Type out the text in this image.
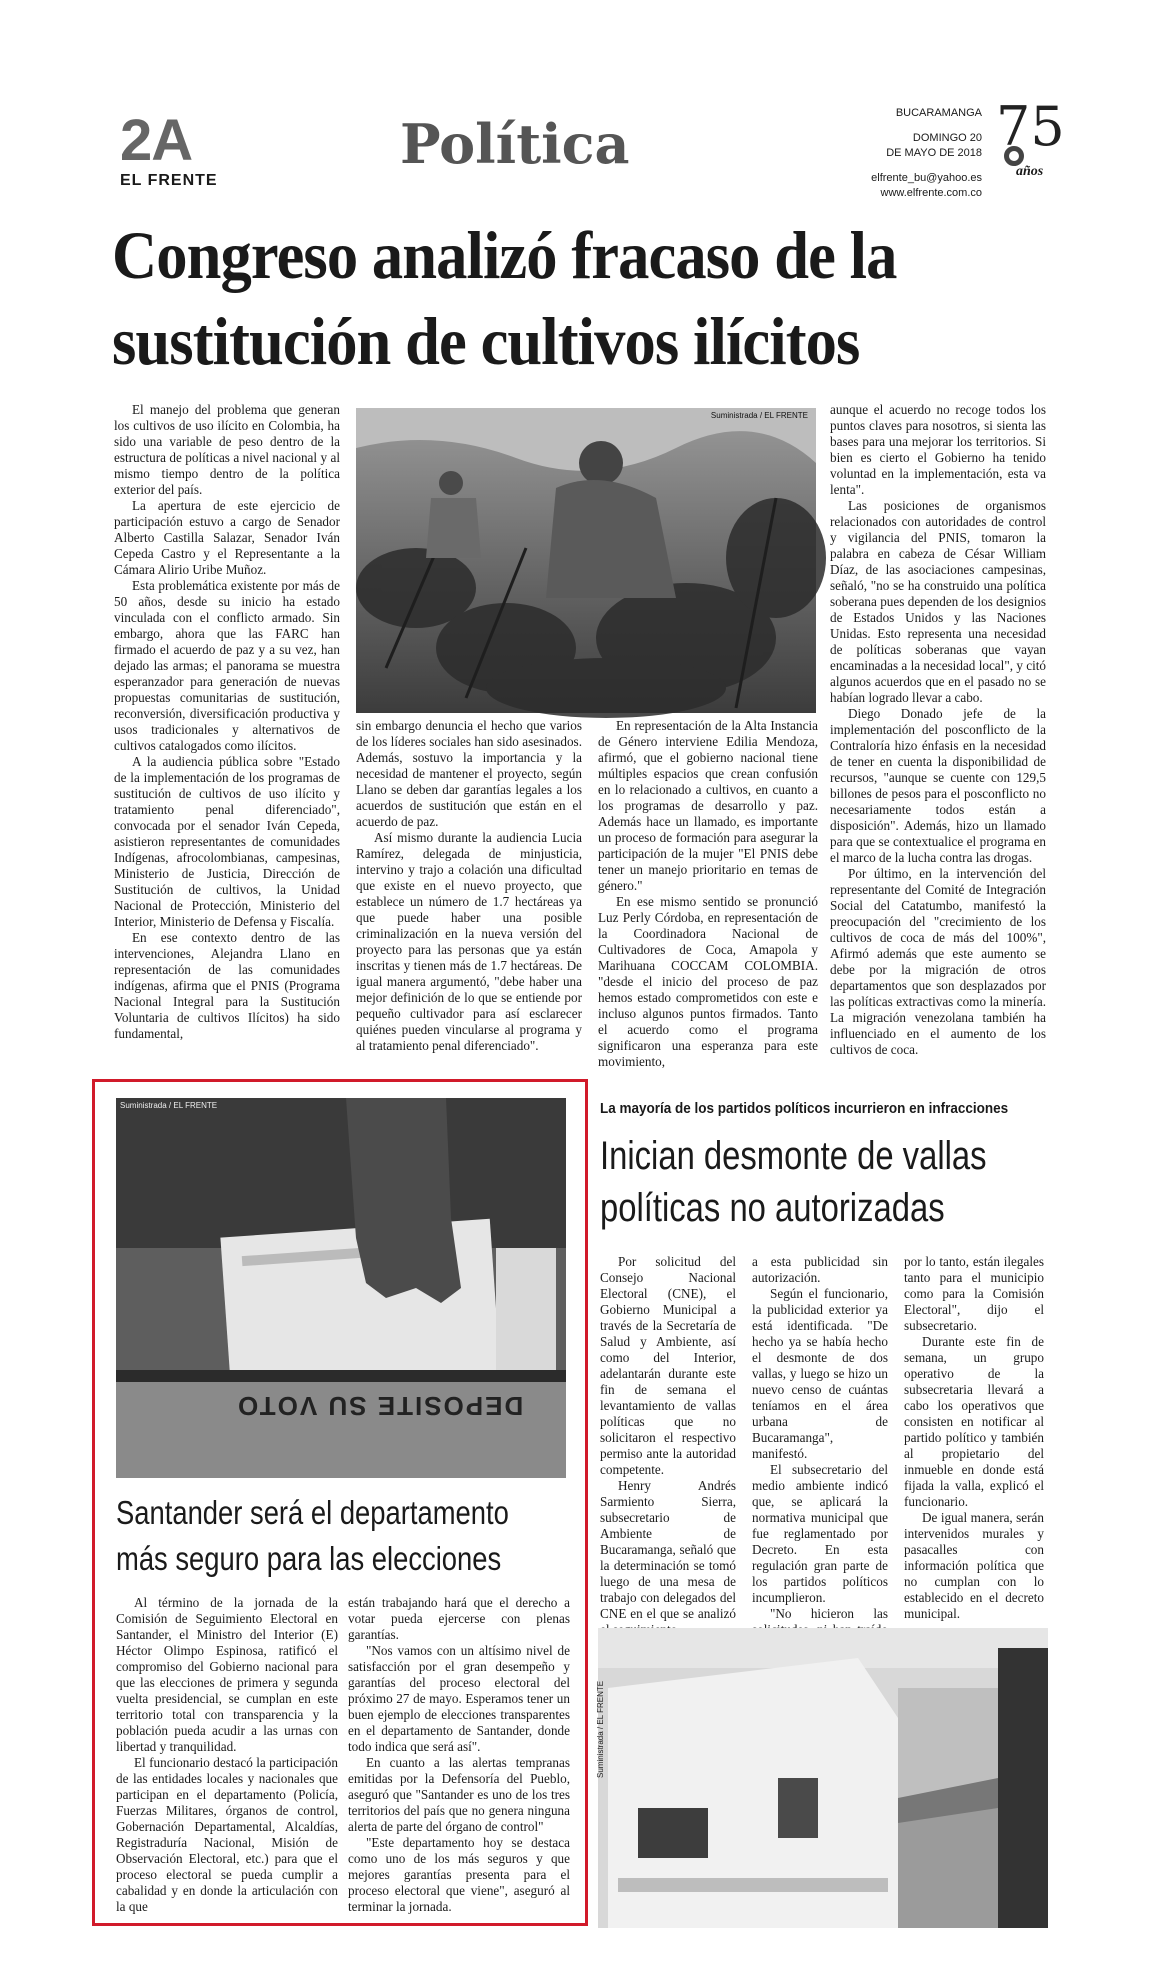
2A
EL FRENTE
Política	BUCARAMANGA
DOMINGO 20
DE MAYO DE 2018
elfrente_bu@yahoo.es
www.elfrente.com.co
75
años
Congreso analizó fracaso de la
sustitución de cultivos ilícitos

El manejo del problema que generan los cultivos de uso ilícito en Colombia, ha sido una variable de peso dentro de la estructura de políticas a nivel nacional y al mismo tiempo dentro de la política exterior del país.

La apertura de este ejercicio de participación estuvo a cargo de Senador Alberto Castilla Salazar, Senador Iván Cepeda Castro y el Representante a la Cámara Alirio Uribe Muñoz.

Esta problemática existente por más de 50 años, desde su inicio ha estado vinculada con el conflicto armado. Sin embargo, ahora que las FARC han firmado el acuerdo de paz y a su vez, han dejado las armas; el panorama se muestra esperanzador para generación de nuevas propuestas comunitarias de sustitución, reconversión, diversificación productiva y usos tradicionales y alternativos de cultivos catalogados como ilícitos.

A la audiencia pública sobre "Estado de la implementación de los programas de sustitución de cultivos de uso ilícito y tratamiento penal diferenciado", convocada por el senador Iván Cepeda, asistieron representantes de comunidades Indígenas, afrocolombianas, campesinas, Ministerio de Justicia, Dirección de Sustitución de cultivos, la Unidad Nacional de Protección, Ministerio del Interior, Ministerio de Defensa y Fiscalía.

En ese contexto dentro de las intervenciones, Alejandra Llano en representación de las comunidades indígenas, afirma que el PNIS (Programa Nacional Integral para la Sustitución Voluntaria de cultivos Ilícitos) ha sido fundamental,

Suministrada / EL FRENTE

sin embargo denuncia el hecho que varios de los líderes sociales han sido asesinados. Además, sostuvo la importancia y la necesidad de mantener el proyecto, según Llano se deben dar garantías legales a los acuerdos de sustitución que están en el acuerdo de paz.

Así mismo durante la audiencia Lucia Ramírez, delegada de minjusticia, intervino y trajo a colación una dificultad que existe en el nuevo proyecto, que establece un número de 1.7 hectáreas ya que puede haber una posible criminalización en la nueva versión del proyecto para las personas que ya están inscritas y tienen más de 1.7 hectáreas. De igual manera argumentó, "debe haber una mejor definición de lo que se entiende por pequeño cultivador para así esclarecer quiénes pueden vincularse al programa y al tratamiento penal diferenciado".

En representación de la Alta Instancia de Género interviene Edilia Mendoza, afirmó, que el gobierno nacional tiene múltiples espacios que crean confusión en lo relacionado a cultivos, en cuanto a los programas de desarrollo y paz. Además hace un llamado, es importante un proceso de formación para asegurar la participación de la mujer "El PNIS debe tener un manejo prioritario en temas de género."

En ese mismo sentido se pronunció Luz Perly Córdoba, en representación de la Coordinadora Nacional de Cultivadores de Coca, Amapola y Marihuana COCCAM COLOMBIA. "desde el inicio del proceso de paz hemos estado comprometidos con este e incluso algunos puntos firmados. Tanto el acuerdo como el programa significaron una esperanza para este movimiento,

aunque el acuerdo no recoge todos los puntos claves para nosotros, si sienta las bases para una mejorar los territorios. Si bien es cierto el Gobierno ha tenido voluntad en la implementación, esta va lenta".

Las posiciones de organismos relacionados con autoridades de control y vigilancia del PNIS, tomaron la palabra en cabeza de César William Díaz, de las asociaciones campesinas, señaló, "no se ha construido una política soberana pues dependen de los designios de Estados Unidos y las Naciones Unidas. Esto representa una necesidad de políticas soberanas que vayan encaminadas a la necesidad local", y citó algunos acuerdos que en el pasado no se habían logrado llevar a cabo.

Diego Donado jefe de la implementación del posconflicto de la Contraloría hizo énfasis en la necesidad de tener en cuenta la disponibilidad de recursos, "aunque se cuente con 129,5 billones de pesos para el posconflicto no necesariamente todos están a disposición". Además, hizo un llamado para que se contextualice el programa en el marco de la lucha contra las drogas.

Por último, en la intervención del representante del Comité de Integración Social del Catatumbo, manifestó la preocupación del "crecimiento de los cultivos de coca de más del 100%", Afirmó además que este aumento se debe por la migración de otros departamentos que son desplazados por las políticas extractivas como la minería. La migración venezolana también ha influenciado en el aumento de los cultivos de coca.

DEPOSITE SU VOTO
Suministrada / EL FRENTE
Santander será el departamento
más seguro para las elecciones

Al término de la jornada de la Comisión de Seguimiento Electoral en Santander, el Ministro del Interior (E) Héctor Olimpo Espinosa, ratificó el compromiso del Gobierno nacional para que las elecciones de primera y segunda vuelta presidencial, se cumplan en este territorio total con transparencia y la población pueda acudir a las urnas con libertad y tranquilidad.

El funcionario destacó la participación de las entidades locales y nacionales que participan en el departamento (Policía, Fuerzas Militares, órganos de control, Gobernación Departamental, Alcaldías, Registraduría Nacional, Misión de Observación Electoral, etc.) para que el proceso electoral se pueda cumplir a cabalidad y en donde la articulación con la que

están trabajando hará que el derecho a votar pueda ejercerse con plenas garantías.

"Nos vamos con un altísimo nivel de satisfacción por el gran desempeño y garantías del proceso electoral del próximo 27 de mayo. Esperamos tener un buen ejemplo de elecciones transparentes en el departamento de Santander, donde todo indica que será así".

En cuanto a las alertas tempranas emitidas por la Defensoría del Pueblo, aseguró que "Santander es uno de los tres territorios del país que no genera ninguna alerta de parte del órgano de control"

"Este departamento hoy se destaca como uno de los más seguros y que mejores garantías presenta para el proceso electoral que viene", aseguró al terminar la jornada.

La mayoría de los partidos políticos incurrieron en infracciones
Inician desmonte de vallas
políticas no autorizadas

Por solicitud del Consejo Nacional Electoral (CNE), el Gobierno Municipal a través de la Secretaría de Salud y Ambiente, así como del Interior, adelantarán durante este fin de semana el levantamiento de vallas políticas que no solicitaron el respectivo permiso ante la autoridad competente.

Henry Andrés Sarmiento Sierra, subsecretario de Ambiente de Bucaramanga, señaló que la determinación se tomó luego de una mesa de trabajo con delegados del CNE en el que se analizó

a esta publicidad sin autorización.

Según el funcionario, la publicidad exterior ya está identificada. "De hecho ya se había hecho el desmonte de dos vallas, y luego se hizo un nuevo censo de cuántas teníamos en el área urbana de Bucaramanga", manifestó.

El subsecretario del medio ambiente indicó que, se aplicará la normativa municipal que fue reglamentado por Decreto. En esta regulación gran parte de los partidos políticos incumplieron.

"No hicieron las

por lo tanto, están ilegales tanto para el municipio como para la Comisión Electoral", dijo el subsecretario.

Durante este fin de semana, un grupo operativo de la subsecretaria llevará a cabo los operativos que consisten en notificar al partido político y también al propietario del inmueble en donde está fijada la valla, explicó el funcionario.

De igual manera, serán intervenidos murales y pasacalles con información política que no cumplan con lo establecido en el decreto municipal.

Suministrada / EL FRENTE
